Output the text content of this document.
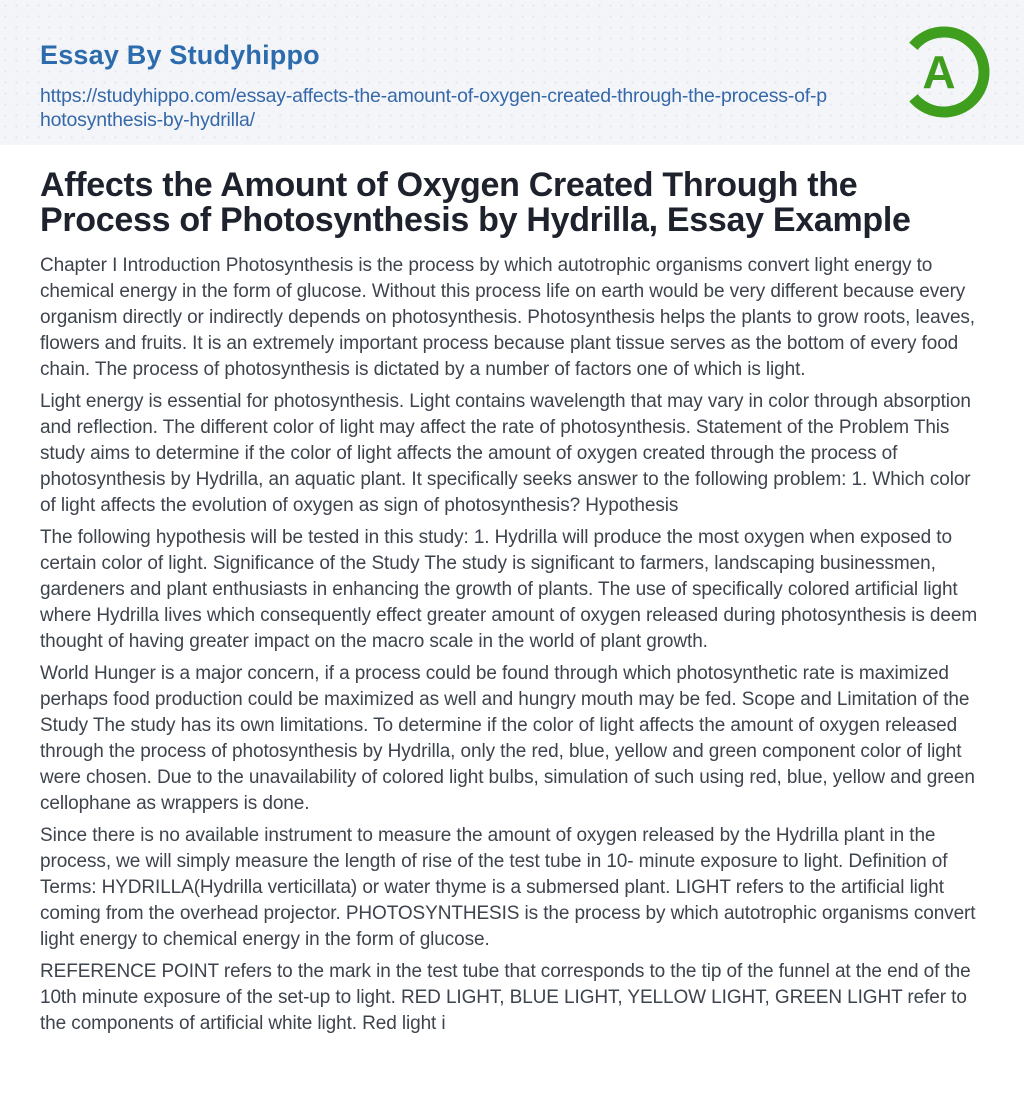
Essay By Studyhippo
https://studyhippo.com/essay-affects-the-amount-of-oxygen-created-through-the-process-of-photosynthesis-by-hydrilla/
A
Affects the Amount of Oxygen Created Through the Process of Photosynthesis by Hydrilla, Essay Example

Chapter I Introduction Photosynthesis is the process by which autotrophic organisms convert light energy to chemical energy in the form of glucose. Without this process life on earth would be very different because every organism directly or indirectly depends on photosynthesis. Photosynthesis helps the plants to grow roots, leaves, flowers and fruits. It is an extremely important process because plant tissue serves as the bottom of every food chain. The process of photosynthesis is dictated by a number of factors one of which is light.

Light energy is essential for photosynthesis. Light contains wavelength that may vary in color through absorption and reflection. The different color of light may affect the rate of photosynthesis. Statement of the Problem This study aims to determine if the color of light affects the amount of oxygen created through the process of photosynthesis by Hydrilla, an aquatic plant. It specifically seeks answer to the following problem: 1. Which color of light affects the evolution of oxygen as sign of photosynthesis? Hypothesis

The following hypothesis will be tested in this study: 1. Hydrilla will produce the most oxygen when exposed to certain color of light. Significance of the Study The study is significant to farmers, landscaping businessmen, gardeners and plant enthusiasts in enhancing the growth of plants. The use of specifically colored artificial light where Hydrilla lives which consequently effect greater amount of oxygen released during photosynthesis is deem thought of having greater impact on the macro scale in the world of plant growth.

World Hunger is a major concern, if a process could be found through which photosynthetic rate is maximized perhaps food production could be maximized as well and hungry mouth may be fed. Scope and Limitation of the Study The study has its own limitations. To determine if the color of light affects the amount of oxygen released through the process of photosynthesis by Hydrilla, only the red, blue, yellow and green component color of light were chosen. Due to the unavailability of colored light bulbs, simulation of such using red, blue, yellow and green cellophane as wrappers is done.

Since there is no available instrument to measure the amount of oxygen released by the Hydrilla plant in the process, we will simply measure the length of rise of the test tube in 10- minute exposure to light. Definition of Terms: HYDRILLA(Hydrilla verticillata) or water thyme is a submersed plant. LIGHT refers to the artificial light coming from the overhead projector. PHOTOSYNTHESIS is the process by which autotrophic organisms convert light energy to chemical energy in the form of glucose.

REFERENCE POINT refers to the mark in the test tube that corresponds to the tip of the funnel at the end of the 10th minute exposure of the set-up to light. RED LIGHT, BLUE LIGHT, YELLOW LIGHT, GREEN LIGHT refer to the components of artificial white light. Red light i
